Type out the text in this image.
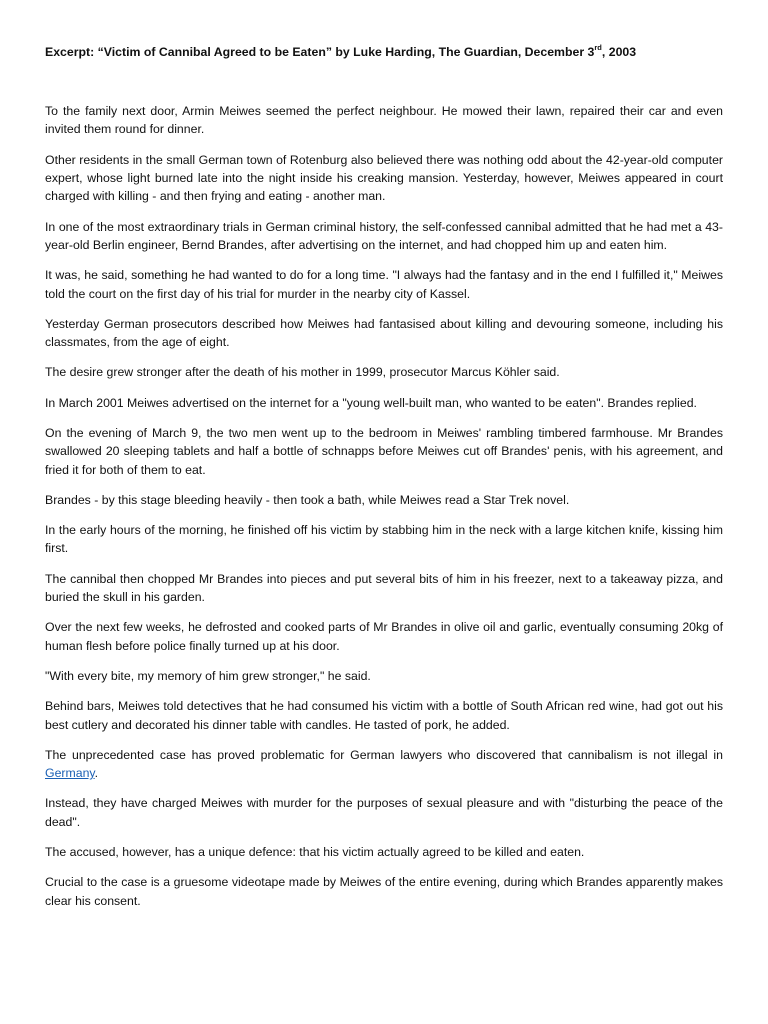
Excerpt: “Victim of Cannibal Agreed to be Eaten” by Luke Harding, The Guardian, December 3rd, 2003

To the family next door, Armin Meiwes seemed the perfect neighbour. He mowed their lawn, repaired their car and even invited them round for dinner.

Other residents in the small German town of Rotenburg also believed there was nothing odd about the 42-year-old computer expert, whose light burned late into the night inside his creaking mansion. Yesterday, however, Meiwes appeared in court charged with killing - and then frying and eating - another man.

In one of the most extraordinary trials in German criminal history, the self-confessed cannibal admitted that he had met a 43-year-old Berlin engineer, Bernd Brandes, after advertising on the internet, and had chopped him up and eaten him.

It was, he said, something he had wanted to do for a long time. "I always had the fantasy and in the end I fulfilled it," Meiwes told the court on the first day of his trial for murder in the nearby city of Kassel.

Yesterday German prosecutors described how Meiwes had fantasised about killing and devouring someone, including his classmates, from the age of eight.

The desire grew stronger after the death of his mother in 1999, prosecutor Marcus Köhler said.

In March 2001 Meiwes advertised on the internet for a "young well-built man, who wanted to be eaten". Brandes replied.

On the evening of March 9, the two men went up to the bedroom in Meiwes' rambling timbered farmhouse. Mr Brandes swallowed 20 sleeping tablets and half a bottle of schnapps before Meiwes cut off Brandes' penis, with his agreement, and fried it for both of them to eat.

Brandes - by this stage bleeding heavily - then took a bath, while Meiwes read a Star Trek novel.

In the early hours of the morning, he finished off his victim by stabbing him in the neck with a large kitchen knife, kissing him first.

The cannibal then chopped Mr Brandes into pieces and put several bits of him in his freezer, next to a takeaway pizza, and buried the skull in his garden.

Over the next few weeks, he defrosted and cooked parts of Mr Brandes in olive oil and garlic, eventually consuming 20kg of human flesh before police finally turned up at his door.

"With every bite, my memory of him grew stronger," he said.

Behind bars, Meiwes told detectives that he had consumed his victim with a bottle of South African red wine, had got out his best cutlery and decorated his dinner table with candles. He tasted of pork, he added.

The unprecedented case has proved problematic for German lawyers who discovered that cannibalism is not illegal in Germany.

Instead, they have charged Meiwes with murder for the purposes of sexual pleasure and with "disturbing the peace of the dead".

The accused, however, has a unique defence: that his victim actually agreed to be killed and eaten.

Crucial to the case is a gruesome videotape made by Meiwes of the entire evening, during which Brandes apparently makes clear his consent.
